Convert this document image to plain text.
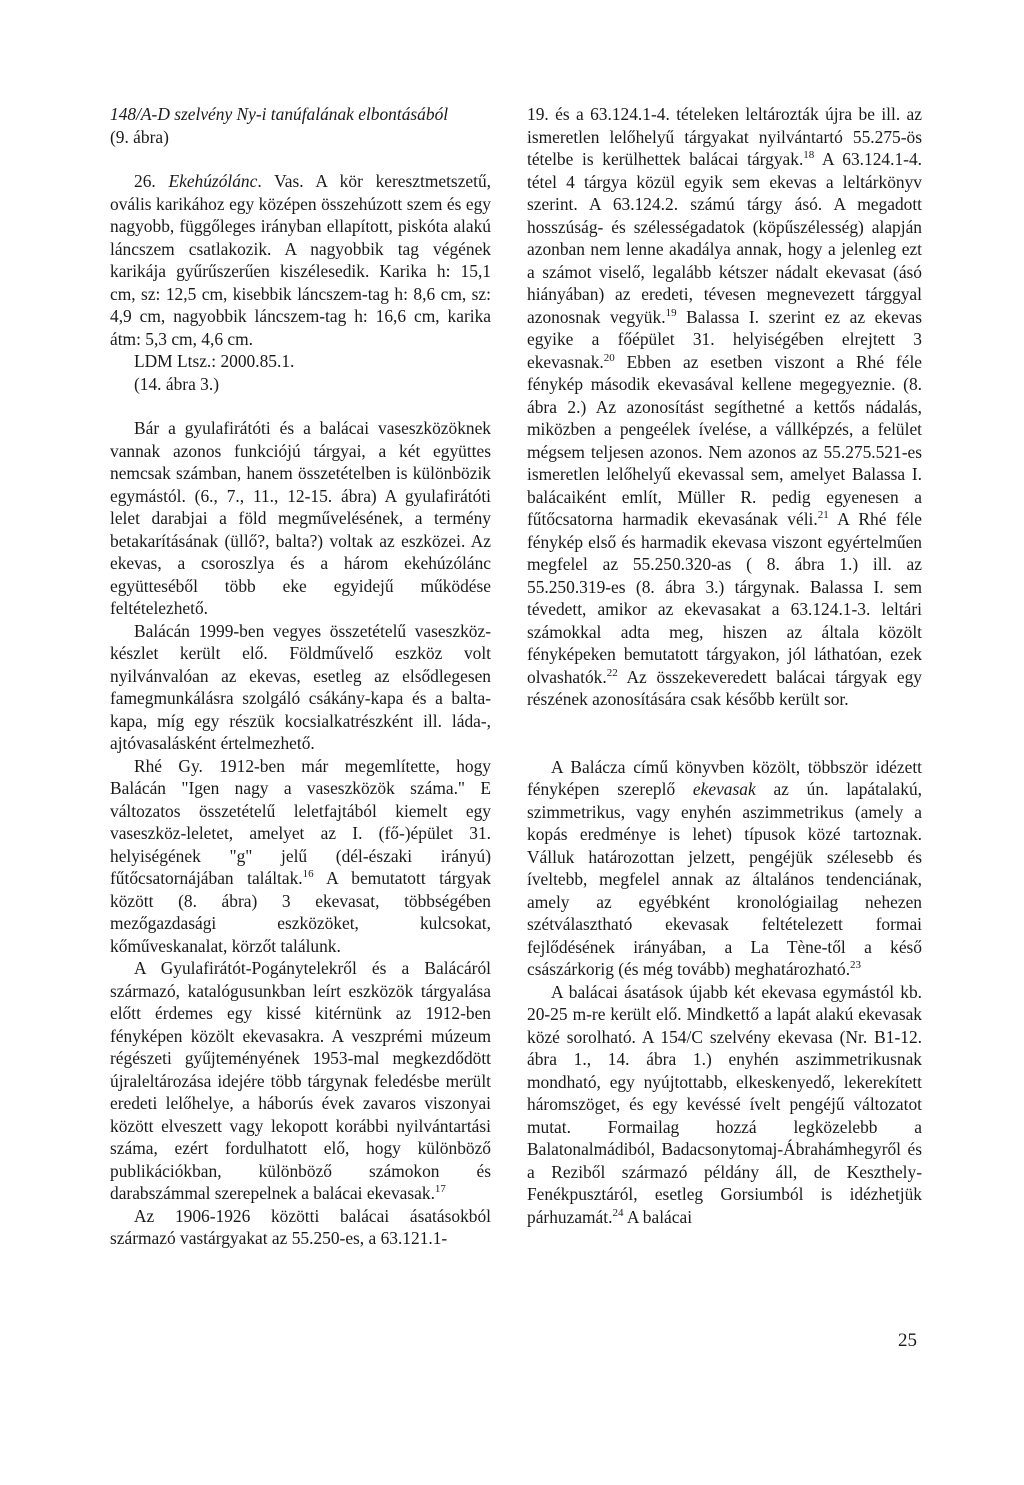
148/A-D szelvény Ny-i tanúfalának elbontásából
(9. ábra)

26. Ekehúzólánc. Vas. A kör keresztmetszetű, ovális karikához egy középen összehúzott szem és egy nagyobb, függőleges irányban ellapított, piskóta alakú láncszem csatlakozik. A nagyobbik tag végének karikája gyűrűszerűen kiszélesedik. Karika h: 15,1 cm, sz: 12,5 cm, kisebbik láncszem-tag h: 8,6 cm, sz: 4,9 cm, nagyobbik láncszem-tag h: 16,6 cm, karika átm: 5,3 cm, 4,6 cm.

LDM Ltsz.: 2000.85.1.

(14. ábra 3.)

Bár a gyulafirátóti és a balácai vaseszközöknek vannak azonos funkciójú tárgyai, a két együttes nemcsak számban, hanem összetételben is különbözik egymástól. (6., 7., 11., 12-15. ábra) A gyulafirátóti lelet darabjai a föld megművelésének, a termény betakarításának (üllő?, balta?) voltak az eszközei. Az ekevas, a csoroszlya és a három ekehúzólánc együtteséből több eke egyidejű működése feltételezhető.

Balácán 1999-ben vegyes összetételű vaseszköz-készlet került elő. Földművelő eszköz volt nyilvánvalóan az ekevas, esetleg az elsődlegesen famegmunkálásra szolgáló csákány-kapa és a balta-kapa, míg egy részük kocsialkatrészként ill. láda-, ajtóvasalásként értelmezhető.

Rhé Gy. 1912-ben már megemlítette, hogy Balácán "Igen nagy a vaseszközök száma." E változatos összetételű leletfajtából kiemelt egy vaseszköz-leletet, amelyet az I. (fő-)épület 31. helyiségének "g" jelű (dél-északi irányú) fűtőcsatornájában találtak.$^{16}$ A bemutatott tárgyak között (8. ábra) 3 ekevasat, többségében mezőgazdasági eszközöket, kulcsokat, kőműveskanalat, körzőt találunk.

A Gyulafirátót-Pogánytelekről és a Balácáról származó, katalógusunkban leírt eszközök tárgyalása előtt érdemes egy kissé kitérnünk az 1912-ben fényképen közölt ekevasakra. A veszprémi múzeum régészeti gyűjteményének 1953-mal megkezdődött újraleltározása idejére több tárgynak feledésbe merült eredeti lelőhelye, a háborús évek zavaros viszonyai között elveszett vagy lekopott korábbi nyilvántartási száma, ezért fordulhatott elő, hogy különböző publikációkban, különböző számokon és darabszámmal szerepelnek a balácai ekevasak.$^{17}$

Az 1906-1926 közötti balácai ásatásokból származó vastárgyakat az 55.250-es, a 63.121.1-

19. és a 63.124.1-4. tételeken leltározták újra be ill. az ismeretlen lelőhelyű tárgyakat nyilvántartó 55.275-ös tételbe is kerülhettek balácai tárgyak.$^{18}$ A 63.124.1-4. tétel 4 tárgya közül egyik sem ekevas a leltárkönyv szerint. A 63.124.2. számú tárgy ásó. A megadott hosszúság- és szélességadatok (köpűszélesség) alapján azonban nem lenne akadálya annak, hogy a jelenleg ezt a számot viselő, legalább kétszer nádalt ekevasat (ásó hiányában) az eredeti, tévesen megnevezett tárggyal azonosnak vegyük.$^{19}$ Balassa I. szerint ez az ekevas egyike a főépület 31. helyiségében elrejtett 3 ekevasnak.$^{20}$ Ebben az esetben viszont a Rhé féle fénykép második ekevasával kellene megegyeznie. (8. ábra 2.) Az azonosítást segíthetné a kettős nádalás, miközben a pengeélek ívelése, a vállképzés, a felület mégsem teljesen azonos. Nem azonos az 55.275.521-es ismeretlen lelőhelyű ekevassal sem, amelyet Balassa I. balácaiként említ, Müller R. pedig egyenesen a fűtőcsatorna harmadik ekevasának véli.$^{21}$ A Rhé féle fénykép első és harmadik ekevasa viszont egyértelműen megfelel az 55.250.320-as ( 8. ábra 1.) ill. az 55.250.319-es (8. ábra 3.) tárgynak. Balassa I. sem tévedett, amikor az ekevasakat a 63.124.1-3. leltári számokkal adta meg, hiszen az általa közölt fényképeken bemutatott tárgyakon, jól láthatóan, ezek olvashatók.$^{22}$ Az összekeveredett balácai tárgyak egy részének azonosítására csak később került sor.

A Balácza című könyvben közölt, többször idézett fényképen szereplő ekevasak az ún. lapátalakú, szimmetrikus, vagy enyhén aszimmetrikus (amely a kopás eredménye is lehet) típusok közé tartoznak. Válluk határozottan jelzett, pengéjük szélesebb és íveltebb, megfelel annak az általános tendenciának, amely az egyébként kronológiailag nehezen szétválasztható ekevasak feltételezett formai fejlődésének irányában, a La Tène-től a késő császárkorig (és még tovább) meghatározható.$^{23}$

A balácai ásatások újabb két ekevasa egymástól kb. 20-25 m-re került elő. Mindkettő a lapát alakú ekevasak közé sorolható. A 154/C szelvény ekevasa (Nr. B1-12. ábra 1., 14. ábra 1.) enyhén aszimmetrikusnak mondható, egy nyújtottabb, elkeskenyedő, lekerekített háromszöget, és egy kevéssé ívelt pengéjű változatot mutat. Formailag hozzá legközelebb a Balatonalmádiból, Badacsonytomaj-Ábrahámhegyről és a Reziből származó példány áll, de Keszthely-Fenékpusztáról, esetleg Gorsiumból is idézhetjük párhuzamát.$^{24}$ A balácai

25
